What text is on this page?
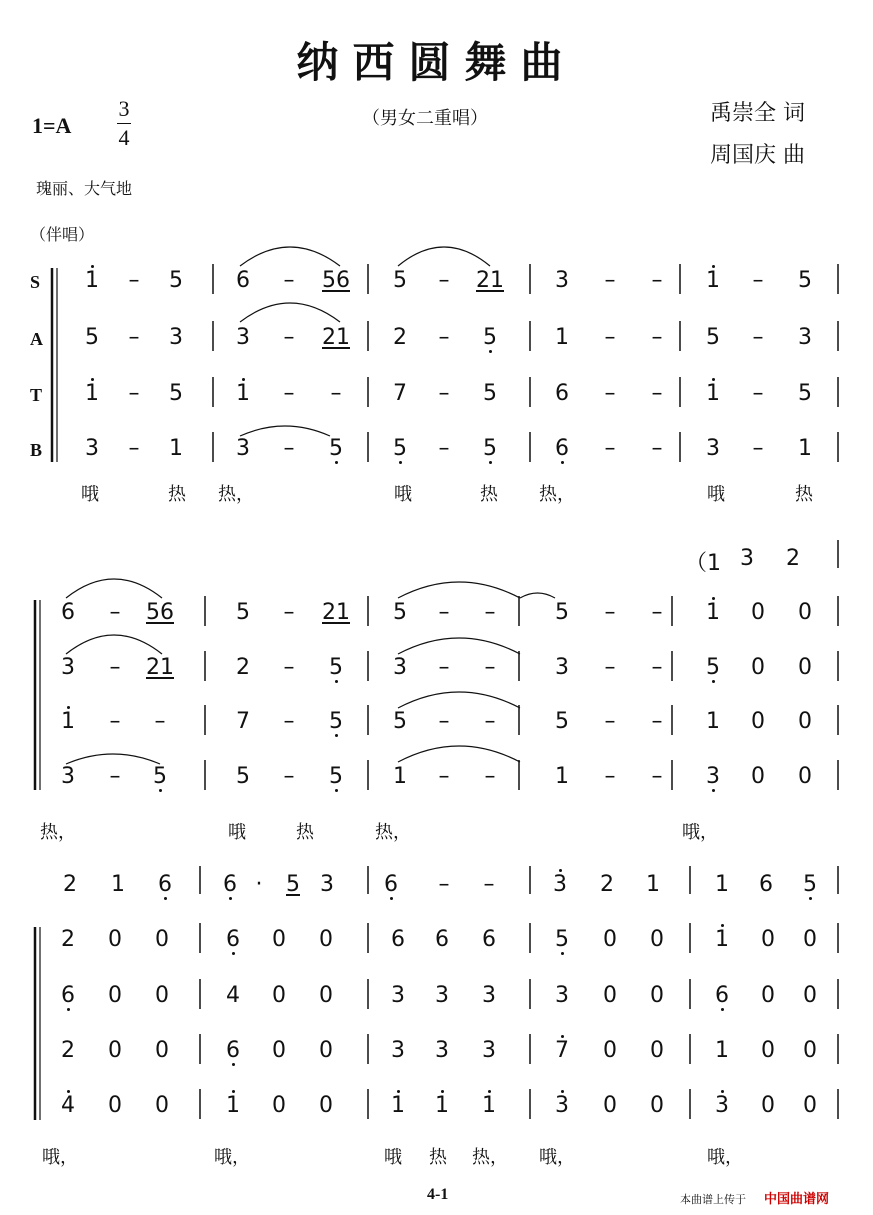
纳西圆舞曲
1=A
3
4
（男女二重唱）	禹崇全 词
周国庆 曲
瑰丽、大气地
（伴唱）
S
A
T
B
1 – 5 6 – 56 5 – 21 3 – – 1 – 5
5 – 3 3 – 21 2 – 5	1 – – 5 – 3
1 – 5 1 – – 7 – 5	6 – – 1 – 5
3 – 1 3 – 5 5 – 5	6 – – 3 – 1
哦	热 热，	哦	热 热，	哦	热
（1 3 2
6 – 56	5 – 21 5 – –	5 – – 1 0 0
3 – 21	2 – 5 3 – –	3 – – 5 0 0
1 – –	7 – 5 5 – –	5 – – 1 0 0
3 – 5	5 – 5 1 – –	1 – – 3 0 0
热，	哦	热	热，	哦，
2 1 6 6 · 5 3 6 – –	3 2 1	1 6 5
2 0 0	6 0 0	6 6 6	5 0 0 1 0 0
6 0 0	4 0 0	3 3 3	3 0 0 6 0 0
2 0 0	6 0 0	3 3 3	7 0 0 1 0 0
4 0 0	1 0 0	1 1 1	3 0 0 3 0 0
哦，	哦，	哦 热 热， 哦，	哦，
4-1	本曲谱上传于 中国曲谱网
